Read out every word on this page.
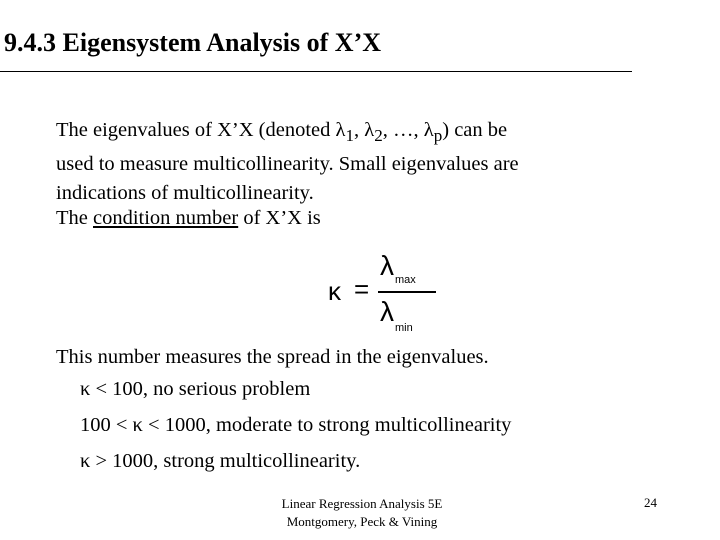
9.4.3 Eigensystem Analysis of X’X
The eigenvalues of X’X (denoted $\lambda_1$, $\lambda_2$, …, $\lambda_p$) can be
used to measure multicollinearity. Small eigenvalues are
indications of multicollinearity.
The condition number of X’X is
κ =
$\lambda_{max}$
$\lambda_{min}$
This number measures the spread in the eigenvalues.
κ < 100, no serious problem
100 < κ < 1000, moderate to strong multicollinearity
κ > 1000, strong multicollinearity.
Linear Regression Analysis 5E
Montgomery, Peck & Vining
24
